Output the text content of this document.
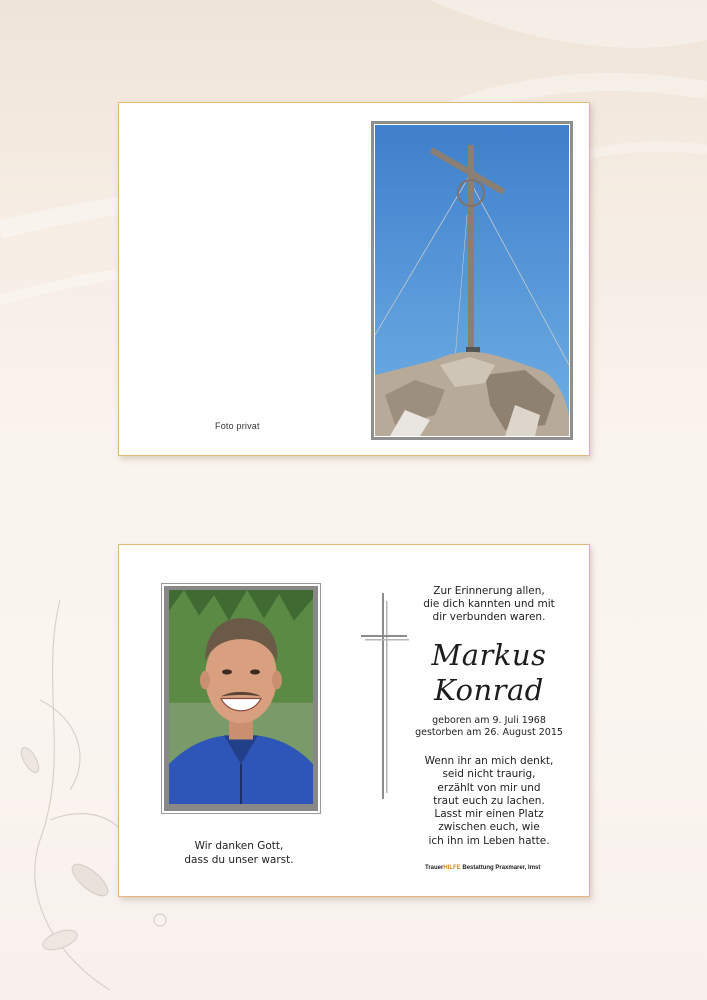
Foto privat
Wir danken Gott,
dass du unser warst.
Zur Erinnerung allen,
die dich kannten und mit
dir verbunden waren.
Markus
Konrad
geboren am 9. Juli 1968
gestorben am 26. August 2015
Wenn ihr an mich denkt,
seid nicht traurig,
erzählt von mir und
traut euch zu lachen.
Lasst mir einen Platz
zwischen euch, wie
ich ihn im Leben hatte.
TrauerHILFE Bestattung Praxmarer, Imst
